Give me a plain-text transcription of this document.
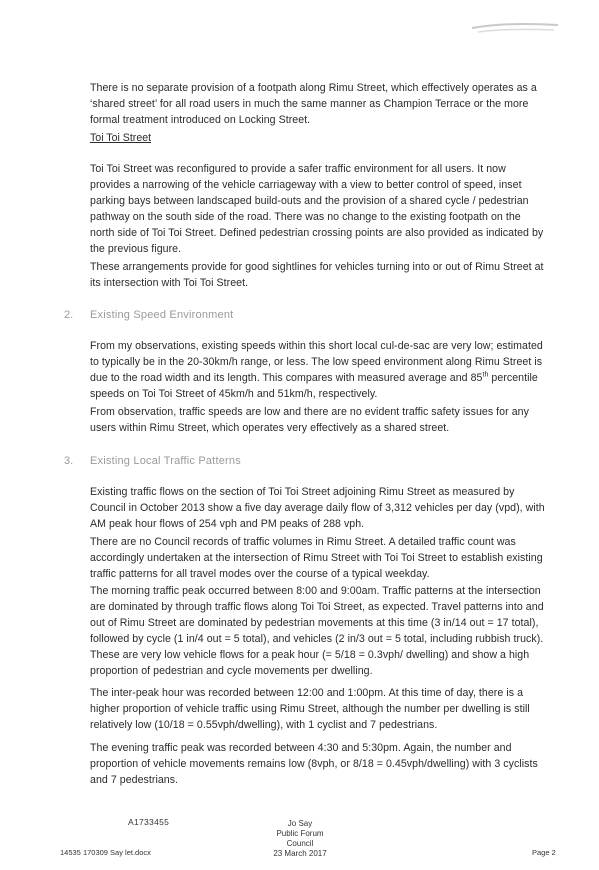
There is no separate provision of a footpath along Rimu Street, which effectively operates as a ‘shared street’ for all road users in much the same manner as Champion Terrace or the more formal treatment introduced on Locking Street.

Toi Toi Street

Toi Toi Street was reconfigured to provide a safer traffic environment for all users. It now provides a narrowing of the vehicle carriageway with a view to better control of speed, inset parking bays between landscaped build-outs and the provision of a shared cycle / pedestrian pathway on the south side of the road. There was no change to the existing footpath on the north side of Toi Toi Street. Defined pedestrian crossing points are also provided as indicated by the previous figure.

These arrangements provide for good sightlines for vehicles turning into or out of Rimu Street at its intersection with Toi Toi Street.

2. Existing Speed Environment

From my observations, existing speeds within this short local cul-de-sac are very low; estimated to typically be in the 20-30km/h range, or less. The low speed environment along Rimu Street is due to the road width and its length. This compares with measured average and 85th percentile speeds on Toi Toi Street of 45km/h and 51km/h, respectively.

From observation, traffic speeds are low and there are no evident traffic safety issues for any users within Rimu Street, which operates very effectively as a shared street.

3. Existing Local Traffic Patterns

Existing traffic flows on the section of Toi Toi Street adjoining Rimu Street as measured by Council in October 2013 show a five day average daily flow of 3,312 vehicles per day (vpd), with AM peak hour flows of 254 vph and PM peaks of 288 vph.

There are no Council records of traffic volumes in Rimu Street. A detailed traffic count was accordingly undertaken at the intersection of Rimu Street with Toi Toi Street to establish existing traffic patterns for all travel modes over the course of a typical weekday.

The morning traffic peak occurred between 8:00 and 9:00am. Traffic patterns at the intersection are dominated by through traffic flows along Toi Toi Street, as expected. Travel patterns into and out of Rimu Street are dominated by pedestrian movements at this time (3 in/14 out = 17 total), followed by cycle (1 in/4 out = 5 total), and vehicles (2 in/3 out = 5 total, including rubbish truck). These are very low vehicle flows for a peak hour (= 5/18 = 0.3vph/ dwelling) and show a high proportion of pedestrian and cycle movements per dwelling.

The inter-peak hour was recorded between 12:00 and 1:00pm. At this time of day, there is a higher proportion of vehicle traffic using Rimu Street, although the number per dwelling is still relatively low (10/18 = 0.55vph/dwelling), with 1 cyclist and 7 pedestrians.

The evening traffic peak was recorded between 4:30 and 5:30pm. Again, the number and proportion of vehicle movements remains low (8vph, or 8/18 = 0.45vph/dwelling) with 3 cyclists and 7 pedestrians.

A1733455	Jo Say
Public Forum
Council
23 March 2017
14535 170309 Say let.docx	Page 2
